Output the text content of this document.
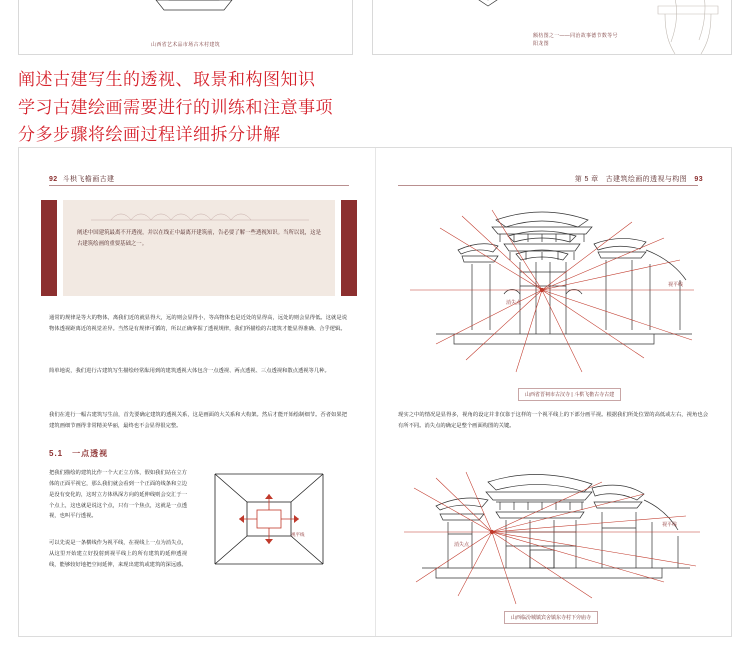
山西省艺术品市场古木村建筑
额枋图之一——同治故事德节数等号
阳龙图
阐述古建写生的透视、取景和构图知识
学习古建绘画需要进行的训练和注意事项
分多步骤将绘画过程详细拆分讲解
92 斗栱飞檐画古建
阐述中国建筑最离不开透视，并以在线正中最离开建筑前，告必要了解一些透视知识。当所以说，这是古建筑绘画的重要基础之一。
通常的规律是等大的物体，离我们近的就显得大，远的则会显得小，等高物体也是近处的显得高，远处的则会显得低。这就是说物体透视距离近的视觉差异。当然是有规律可循的，所以正确掌握了透视规律，我们所描绘的古建筑才能显得准确、合乎逻辑。
简单地说，我们进行古建筑写生描绘经常酝用到的建筑透视大体包含一点透视、两点透视、三点透视和散点透视等几种。
我们在进行一幅古建筑写生前，首先要确定建筑的透视关系，这是画面的大关系和大构架。然后才能开始绘制细节。否者如果把建筑画细节画得非常精美华丽，最终也不会显得很完整。
5.1 一点透视
把我们描绘的建筑比作一个大正立方体，假如我们站在立方体的正面平视它，那么我们就会看到一个正面的线条和立边是没有变化的，这时立方体纵深方向的延伸线则会交汇于一个点上，这也就是说这个点，只有一个焦点，这就是一点透视，也叫平行透视。
可以先说是一条横线作为视平线，在视线上一点为消失点，从这里开始建立好投射到视平线上的所有建筑的延伸透视线，能够较好地把空间延伸，来现出建筑或建筑的深远感。
视平线
第 5 章 古建筑绘画的透视与构图 93
消失点
视平线
山西省晋祠市古汉寺 | 斗栱飞檐古寺古建
现实之中的情况是显得多，视角的设定并非仅靠于这样的一个视平线上的下部分画平视。根据我们所处位置的高低或左右，视角也会有所不同。消失点的确定是整个画面构图的关键。
消失点
视平线
山西临汾城镇宾舍镇东寺村下旁庙寺
